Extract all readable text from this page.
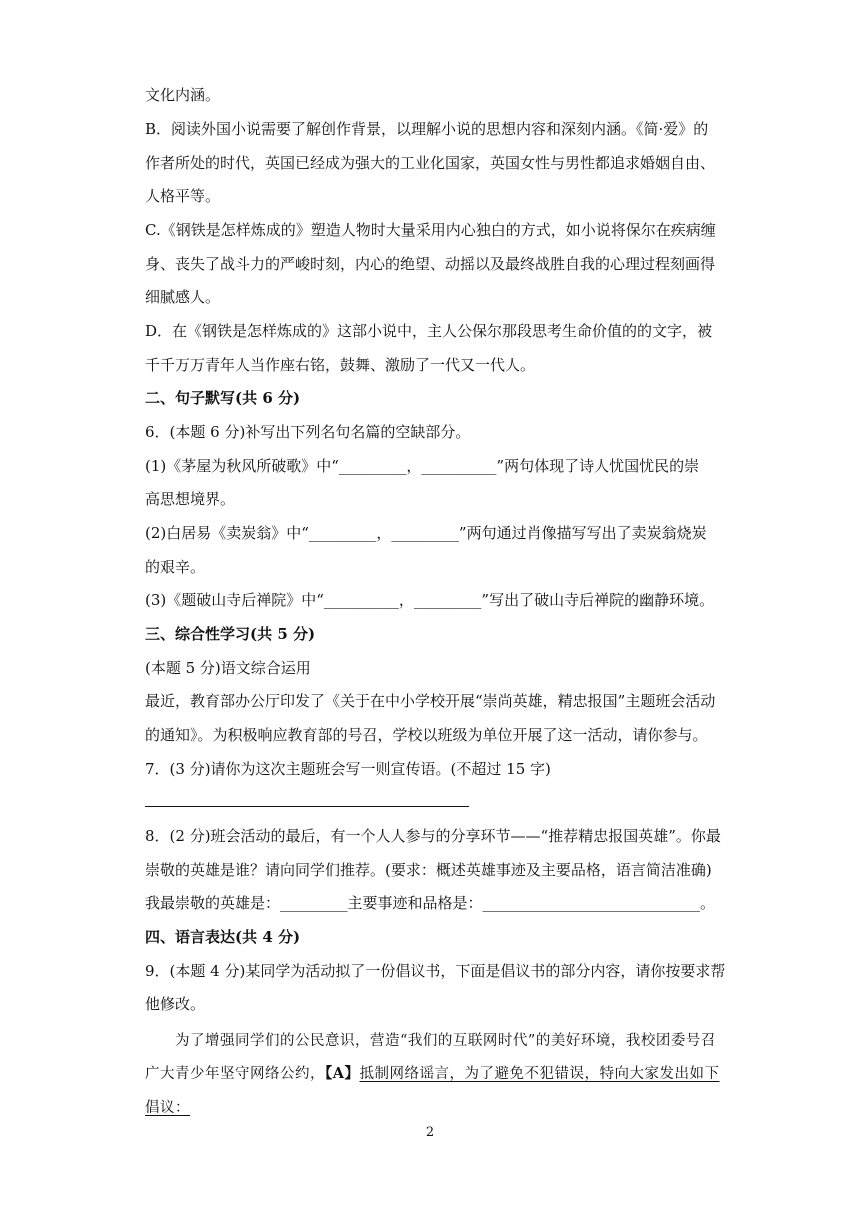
文化内涵。
B．阅读外国小说需要了解创作背景，以理解小说的思想内容和深刻内涵。《简·爱》的
作者所处的时代，英国已经成为强大的工业化国家，英国女性与男性都追求婚姻自由、
人格平等。
C.《钢铁是怎样炼成的》塑造人物时大量采用内心独白的方式，如小说将保尔在疾病缠
身、丧失了战斗力的严峻时刻，内心的绝望、动摇以及最终战胜自我的心理过程刻画得
细腻感人。
D．在《钢铁是怎样炼成的》这部小说中，主人公保尔那段思考生命价值的的文字，被
千千万万青年人当作座右铭，鼓舞、激励了一代又一代人。
二、句子默写(共 6 分)
6．(本题 6 分)补写出下列名句名篇的空缺部分。
(1)《茅屋为秋风所破歌》中“_________，__________”两句体现了诗人忧国忧民的崇
高思想境界。
(2)白居易《卖炭翁》中“_________，_________”两句通过肖像描写写出了卖炭翁烧炭
的艰辛。
(3)《题破山寺后禅院》中“__________，_________”写出了破山寺后禅院的幽静环境。
三、综合性学习(共 5 分)
(本题 5 分)语文综合运用
最近，教育部办公厅印发了《关于在中小学校开展“崇尚英雄，精忠报国”主题班会活动
的通知》。为积极响应教育部的号召，学校以班级为单位开展了这一活动，请你参与。
7．(3 分)请你为这次主题班会写一则宣传语。(不超过 15 字)
8．(2 分)班会活动的最后，有一个人人参与的分享环节——“推荐精忠报国英雄”。你最
崇敬的英雄是谁？请向同学们推荐。(要求：概述英雄事迹及主要品格，语言简洁准确)
我最崇敬的英雄是：_________主要事迹和品格是：_____________________________。
四、语言表达(共 4 分)
9．(本题 4 分)某同学为活动拟了一份倡议书，下面是倡议书的部分内容，请你按要求帮
他修改。
为了增强同学们的公民意识，营造“我们的互联网时代”的美好环境，我校团委号召
广大青少年坚守网络公约，【A】抵制网络谣言，为了避免不犯错误，特向大家发出如下
倡议：
2
